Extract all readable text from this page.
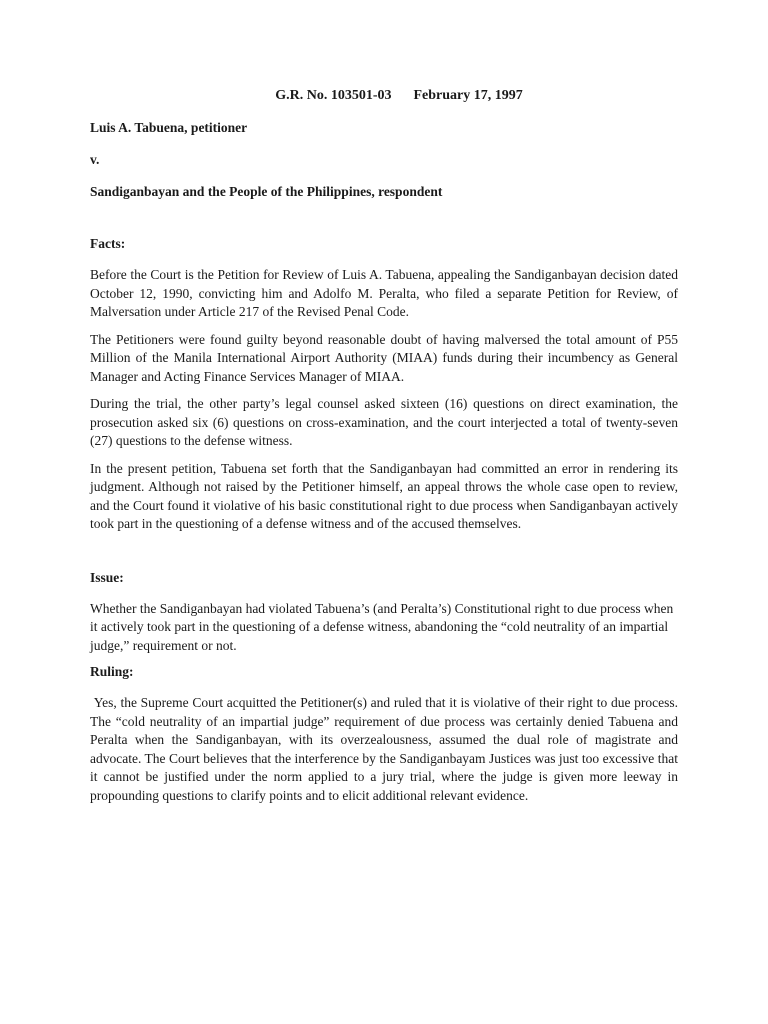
G.R. No. 103501-03 February 17, 1997
Luis A. Tabuena, petitioner
v.
Sandiganbayan and the People of the Philippines, respondent
Facts:

Before the Court is the Petition for Review of Luis A. Tabuena, appealing the Sandiganbayan decision dated October 12, 1990, convicting him and Adolfo M. Peralta, who filed a separate Petition for Review, of Malversation under Article 217 of the Revised Penal Code.

The Petitioners were found guilty beyond reasonable doubt of having malversed the total amount of P55 Million of the Manila International Airport Authority (MIAA) funds during their incumbency as General Manager and Acting Finance Services Manager of MIAA.

During the trial, the other party’s legal counsel asked sixteen (16) questions on direct examination, the prosecution asked six (6) questions on cross-examination, and the court interjected a total of twenty-seven (27) questions to the defense witness.

In the present petition, Tabuena set forth that the Sandiganbayan had committed an error in rendering its judgment. Although not raised by the Petitioner himself, an appeal throws the whole case open to review, and the Court found it violative of his basic constitutional right to due process when Sandiganbayan actively took part in the questioning of a defense witness and of the accused themselves.

Issue:

Whether the Sandiganbayan had violated Tabuena’s (and Peralta’s) Constitutional right to due process when it actively took part in the questioning of a defense witness, abandoning the “cold neutrality of an impartial judge,” requirement or not.

Ruling:

Yes, the Supreme Court acquitted the Petitioner(s) and ruled that it is violative of their right to due process. The “cold neutrality of an impartial judge” requirement of due process was certainly denied Tabuena and Peralta when the Sandiganbayan, with its overzealousness, assumed the dual role of magistrate and advocate. The Court believes that the interference by the Sandiganbayam Justices was just too excessive that it cannot be justified under the norm applied to a jury trial, where the judge is given more leeway in propounding questions to clarify points and to elicit additional relevant evidence.
